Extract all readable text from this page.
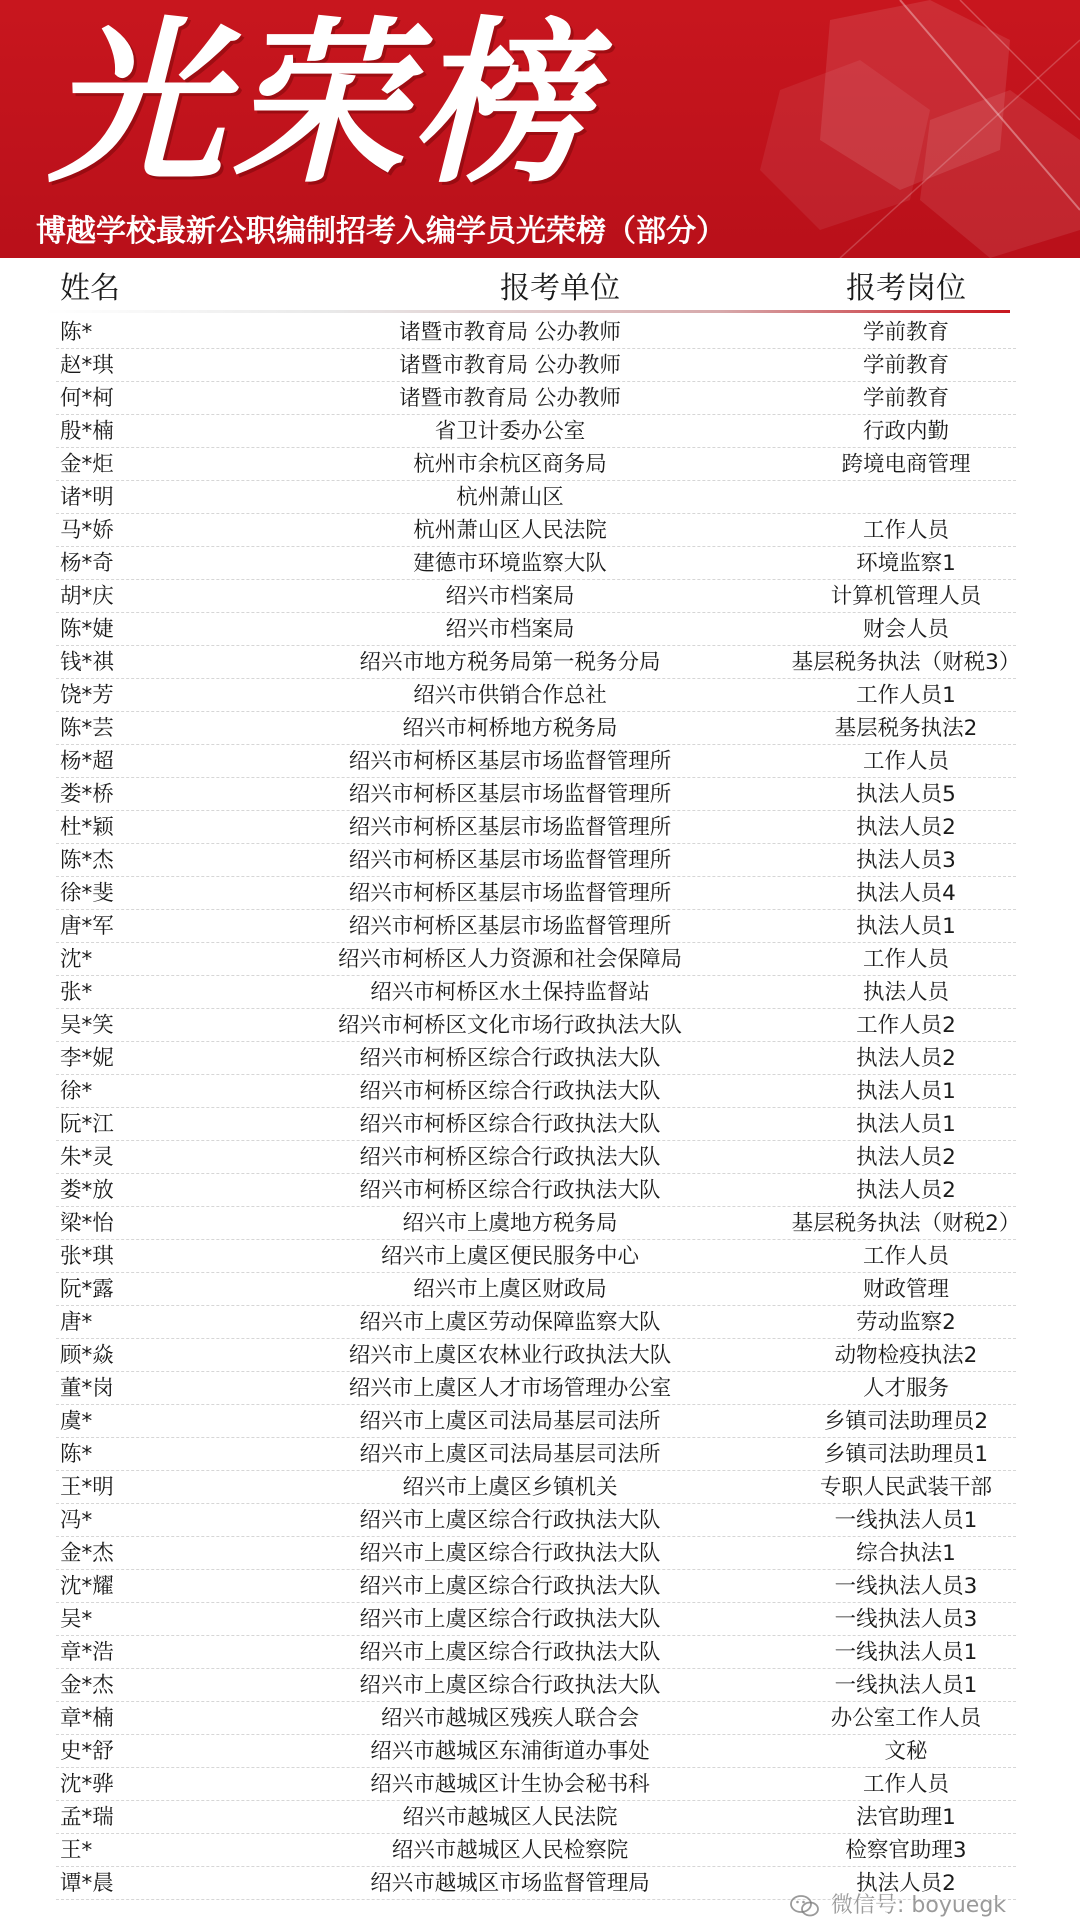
光荣榜
博越学校最新公职编制招考入编学员光荣榜（部分）
姓名	报考单位	报考岗位
陈*	诸暨市教育局 公办教师	学前教育
赵*琪	诸暨市教育局 公办教师	学前教育
何*柯	诸暨市教育局 公办教师	学前教育
殷*楠	省卫计委办公室	行政内勤
金*炬	杭州市余杭区商务局	跨境电商管理
诸*明	杭州萧山区
马*娇	杭州萧山区人民法院	工作人员
杨*奇	建德市环境监察大队	环境监察1
胡*庆	绍兴市档案局	计算机管理人员
陈*婕	绍兴市档案局	财会人员
钱*祺	绍兴市地方税务局第一税务分局	基层税务执法（财税3）
饶*芳	绍兴市供销合作总社	工作人员1
陈*芸	绍兴市柯桥地方税务局	基层税务执法2
杨*超	绍兴市柯桥区基层市场监督管理所	工作人员
娄*桥	绍兴市柯桥区基层市场监督管理所	执法人员5
杜*颖	绍兴市柯桥区基层市场监督管理所	执法人员2
陈*杰	绍兴市柯桥区基层市场监督管理所	执法人员3
徐*斐	绍兴市柯桥区基层市场监督管理所	执法人员4
唐*军	绍兴市柯桥区基层市场监督管理所	执法人员1
沈*	绍兴市柯桥区人力资源和社会保障局	工作人员
张*	绍兴市柯桥区水土保持监督站	执法人员
吴*笑	绍兴市柯桥区文化市场行政执法大队	工作人员2
李*妮	绍兴市柯桥区综合行政执法大队	执法人员2
徐*	绍兴市柯桥区综合行政执法大队	执法人员1
阮*江	绍兴市柯桥区综合行政执法大队	执法人员1
朱*灵	绍兴市柯桥区综合行政执法大队	执法人员2
娄*放	绍兴市柯桥区综合行政执法大队	执法人员2
梁*怡	绍兴市上虞地方税务局	基层税务执法（财税2）
张*琪	绍兴市上虞区便民服务中心	工作人员
阮*露	绍兴市上虞区财政局	财政管理
唐*	绍兴市上虞区劳动保障监察大队	劳动监察2
顾*焱	绍兴市上虞区农林业行政执法大队	动物检疫执法2
董*岗	绍兴市上虞区人才市场管理办公室	人才服务
虞*	绍兴市上虞区司法局基层司法所	乡镇司法助理员2
陈*	绍兴市上虞区司法局基层司法所	乡镇司法助理员1
王*明	绍兴市上虞区乡镇机关	专职人民武装干部
冯*	绍兴市上虞区综合行政执法大队	一线执法人员1
金*杰	绍兴市上虞区综合行政执法大队	综合执法1
沈*耀	绍兴市上虞区综合行政执法大队	一线执法人员3
吴*	绍兴市上虞区综合行政执法大队	一线执法人员3
章*浩	绍兴市上虞区综合行政执法大队	一线执法人员1
金*杰	绍兴市上虞区综合行政执法大队	一线执法人员1
章*楠	绍兴市越城区残疾人联合会	办公室工作人员
史*舒	绍兴市越城区东浦街道办事处	文秘
沈*骅	绍兴市越城区计生协会秘书科	工作人员
孟*瑞	绍兴市越城区人民法院	法官助理1
王*	绍兴市越城区人民检察院	检察官助理3
谭*晨	绍兴市越城区市场监督管理局	执法人员2
微信号: boyuegk
